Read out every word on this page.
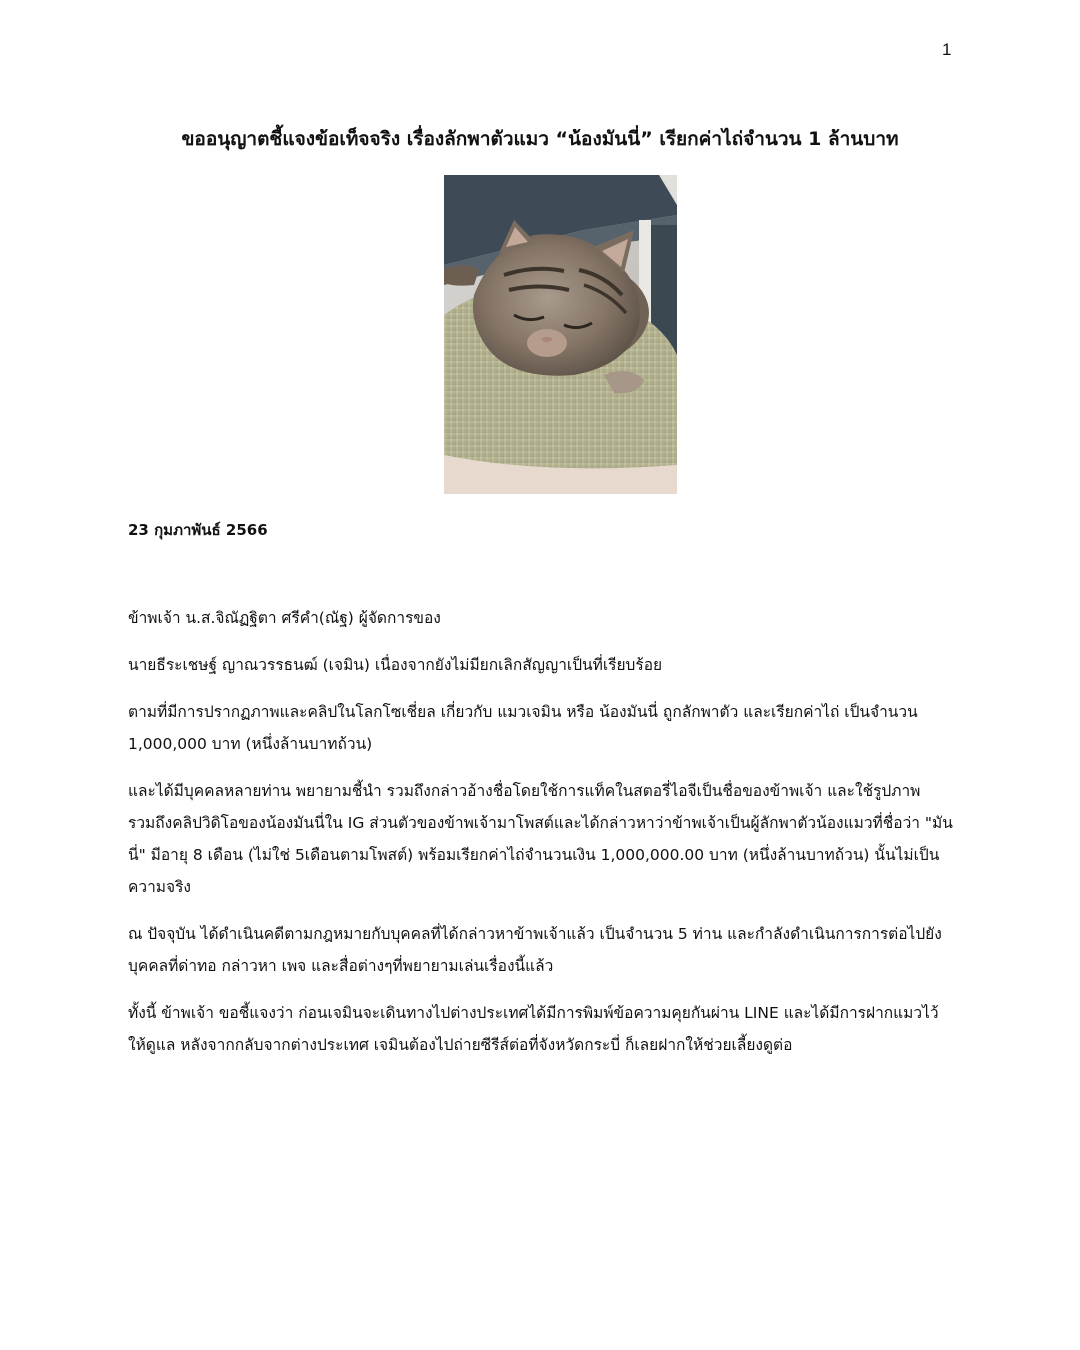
1
ขออนุญาตชี้แจงข้อเท็จจริง เรื่องลักพาตัวแมว “น้องมันนี่” เรียกค่าไถ่จำนวน 1 ล้านบาท
23 กุมภาพันธ์ 2566

ข้าพเจ้า น.ส.จิณัฏฐิตา ศรีคำ(ณัฐ) ผู้จัดการของ

นายธีระเชษฐ์ ญาณวรรธนฒ์ (เจมิน) เนื่องจากยังไม่มียกเลิกสัญญาเป็นที่เรียบร้อย

ตามที่มีการปรากฏภาพและคลิปในโลกโซเชี่ยล เกี่ยวกับ แมวเจมิน หรือ น้องมันนี่ ถูกลักพาตัว และเรียกค่าไถ่ เป็นจำนวน
1,000,000 บาท (หนึ่งล้านบาทถ้วน)

และได้มีบุคคลหลายท่าน พยายามชี้นำ รวมถึงกล่าวอ้างชื่อโดยใช้การแท็คในสตอรี่ไอจีเป็นชื่อของข้าพเจ้า และใช้รูปภาพ
รวมถึงคลิปวิดิโอของน้องมันนี่ใน IG ส่วนตัวของข้าพเจ้ามาโพสต์และได้กล่าวหาว่าข้าพเจ้าเป็นผู้ลักพาตัวน้องแมวที่ชื่อว่า "มัน
นี่" มีอายุ 8 เดือน (ไม่ใช่ 5เดือนตามโพสต์) พร้อมเรียกค่าไถ่จำนวนเงิน 1,000,000.00 บาท (หนึ่งล้านบาทถ้วน) นั้นไม่เป็น
ความจริง

ณ ปัจจุบัน ได้ดำเนินคดีตามกฎหมายกับบุคคลที่ได้กล่าวหาข้าพเจ้าแล้ว เป็นจำนวน 5 ท่าน และกำลังดำเนินการการต่อไปยัง
บุคคลที่ด่าทอ กล่าวหา เพจ และสื่อต่างๆที่พยายามเล่นเรื่องนี้แล้ว

ทั้งนี้ ข้าพเจ้า ขอชี้แจงว่า ก่อนเจมินจะเดินทางไปต่างประเทศได้มีการพิมพ์ข้อความคุยกันผ่าน LINE และได้มีการฝากแมวไว้
ให้ดูแล หลังจากกลับจากต่างประเทศ เจมินต้องไปถ่ายซีรีส์ต่อที่จังหวัดกระบี่ ก็เลยฝากให้ช่วยเลี้ยงดูต่อ
